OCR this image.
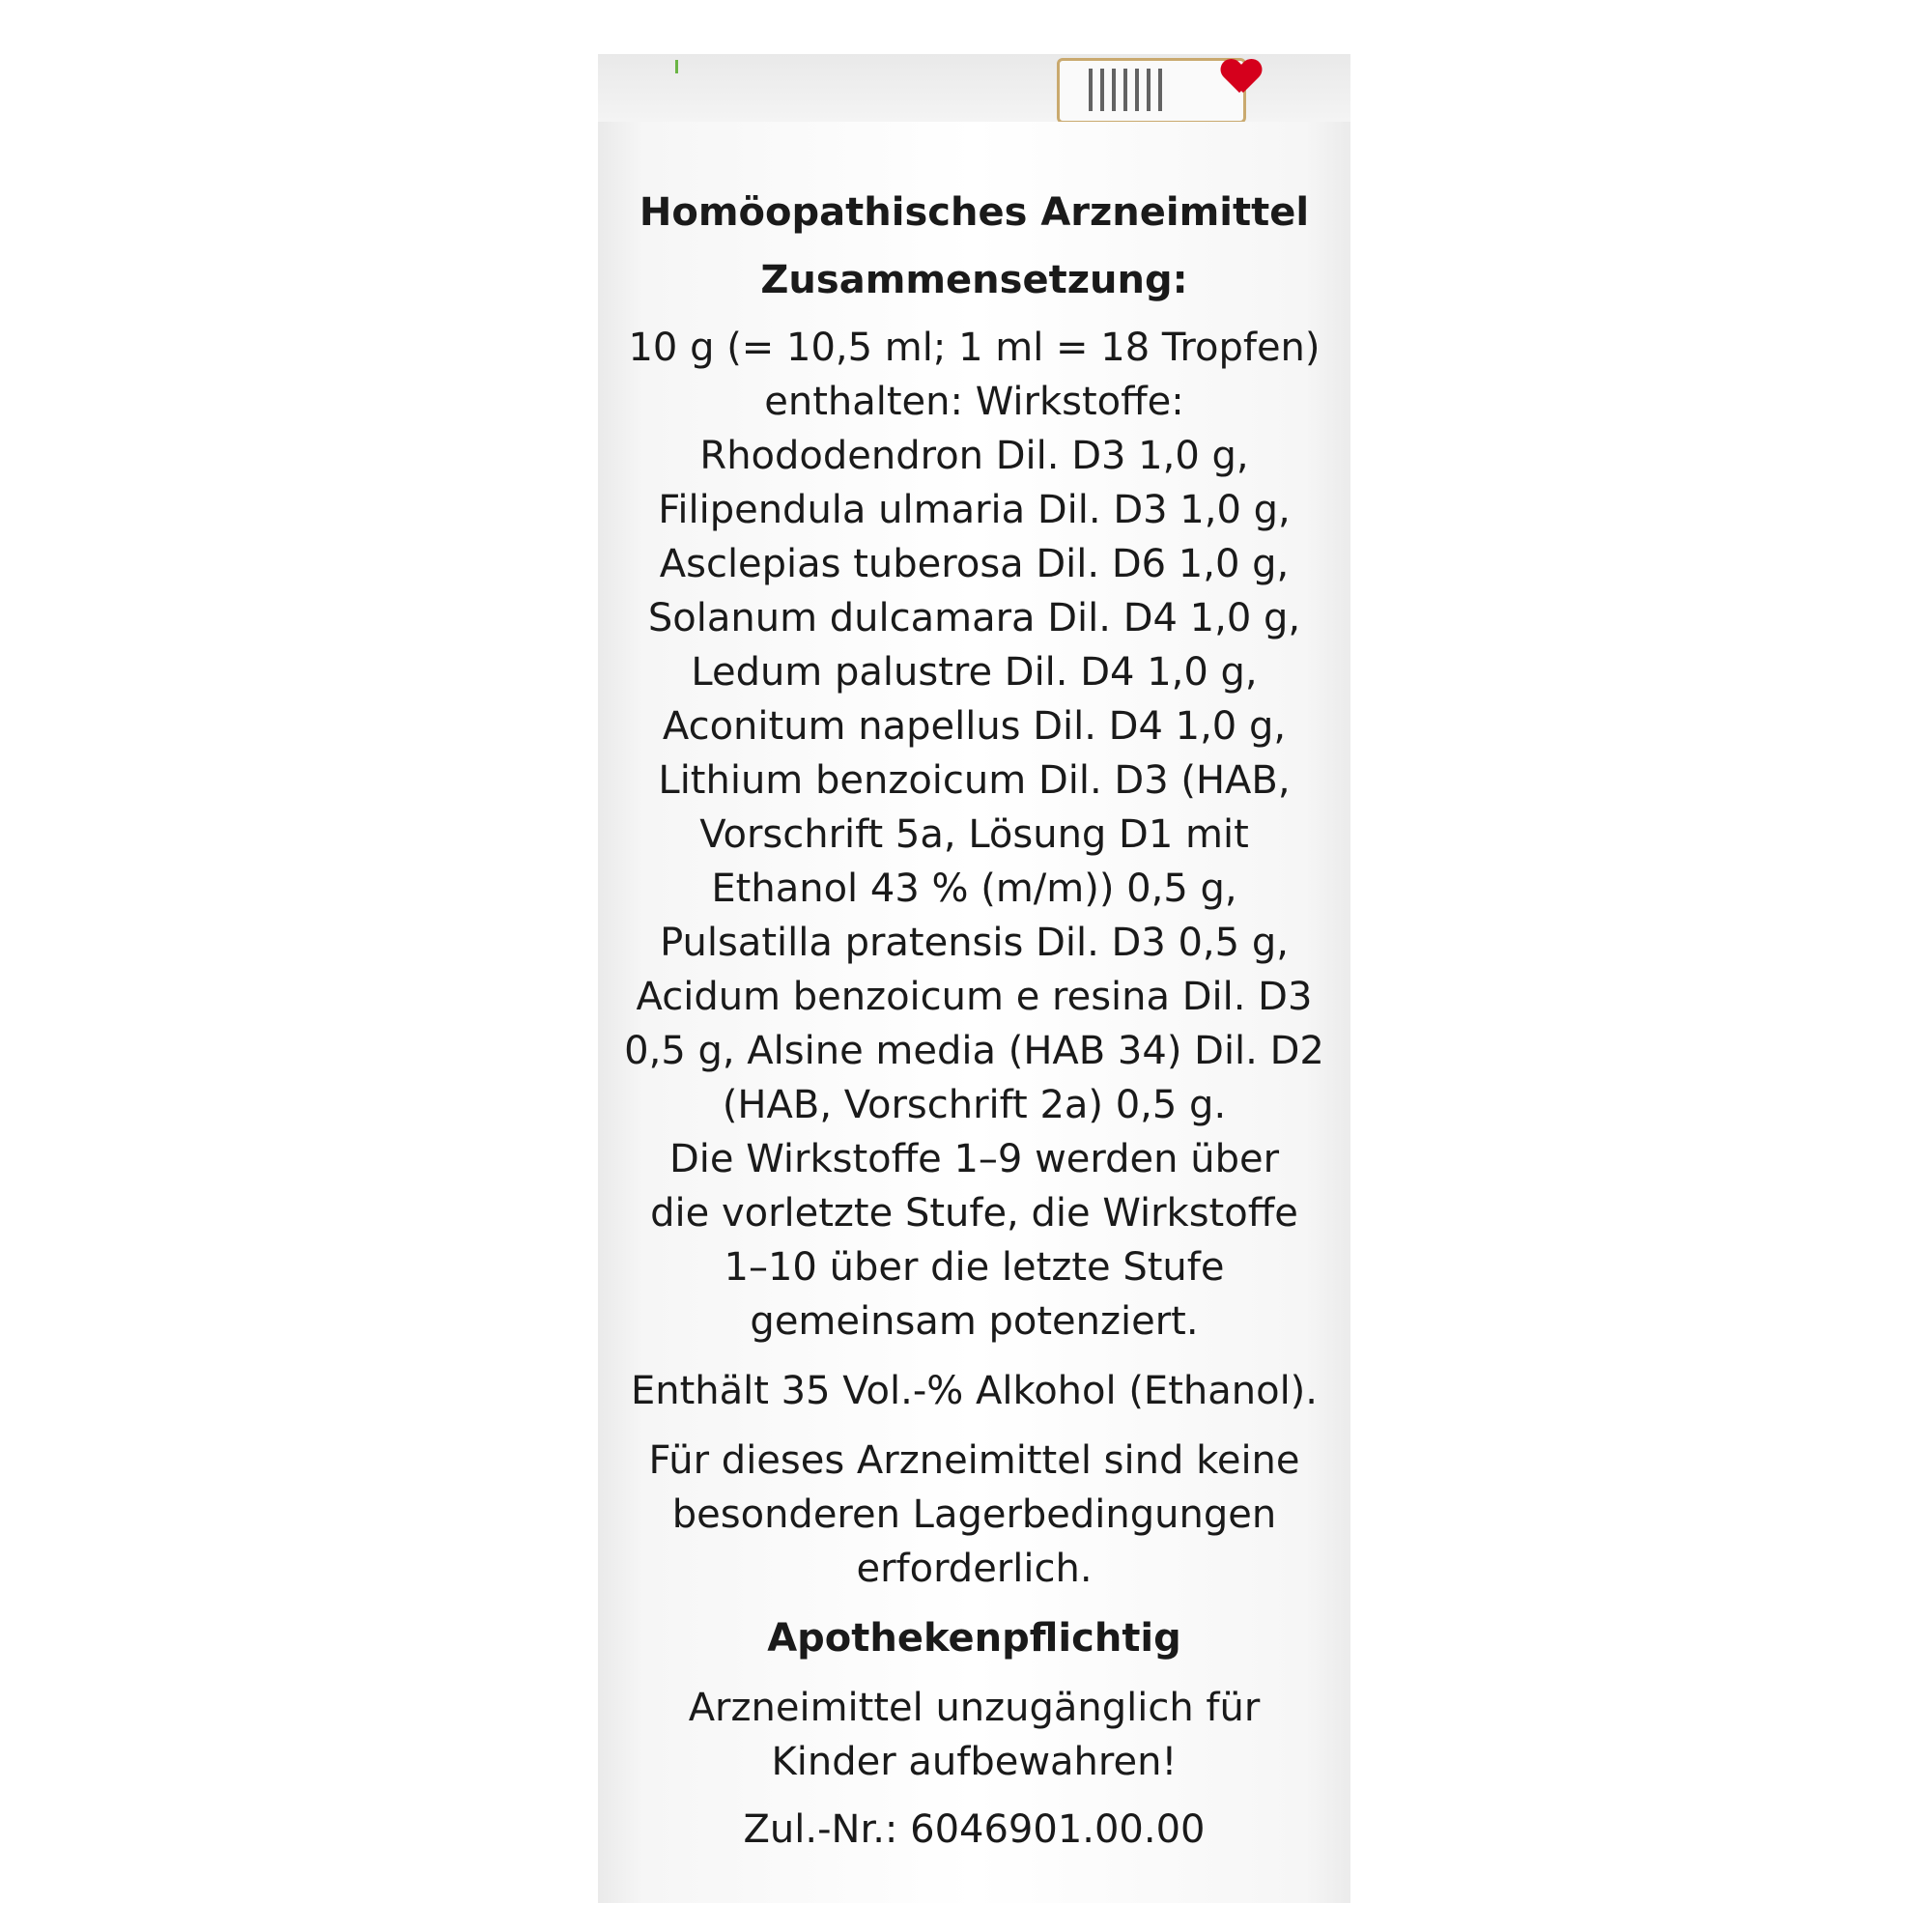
Homöopathisches Arzneimittel

Zusammensetzung:

10 g (= 10,5 ml; 1 ml = 18 Tropfen)
enthalten: Wirkstoffe:
Rhododendron Dil. D3 1,0 g,
Filipendula ulmaria Dil. D3 1,0 g,
Asclepias tuberosa Dil. D6 1,0 g,
Solanum dulcamara Dil. D4 1,0 g,
Ledum palustre Dil. D4 1,0 g,
Aconitum napellus Dil. D4 1,0 g,
Lithium benzoicum Dil. D3 (HAB,
Vorschrift 5a, Lösung D1 mit
Ethanol 43 % (m/m)) 0,5 g,
Pulsatilla pratensis Dil. D3 0,5 g,
Acidum benzoicum e resina Dil. D3
0,5 g, Alsine media (HAB 34) Dil. D2
(HAB, Vorschrift 2a) 0,5 g.
Die Wirkstoffe 1–9 werden über
die vorletzte Stufe, die Wirkstoffe
1–10 über die letzte Stufe
gemeinsam potenziert.

Enthält 35 Vol.-% Alkohol (Ethanol).

Für dieses Arzneimittel sind keine
besonderen Lagerbedingungen
erforderlich.

Apothekenpflichtig

Arzneimittel unzugänglich für
Kinder aufbewahren!

Zul.-Nr.: 6046901.00.00
